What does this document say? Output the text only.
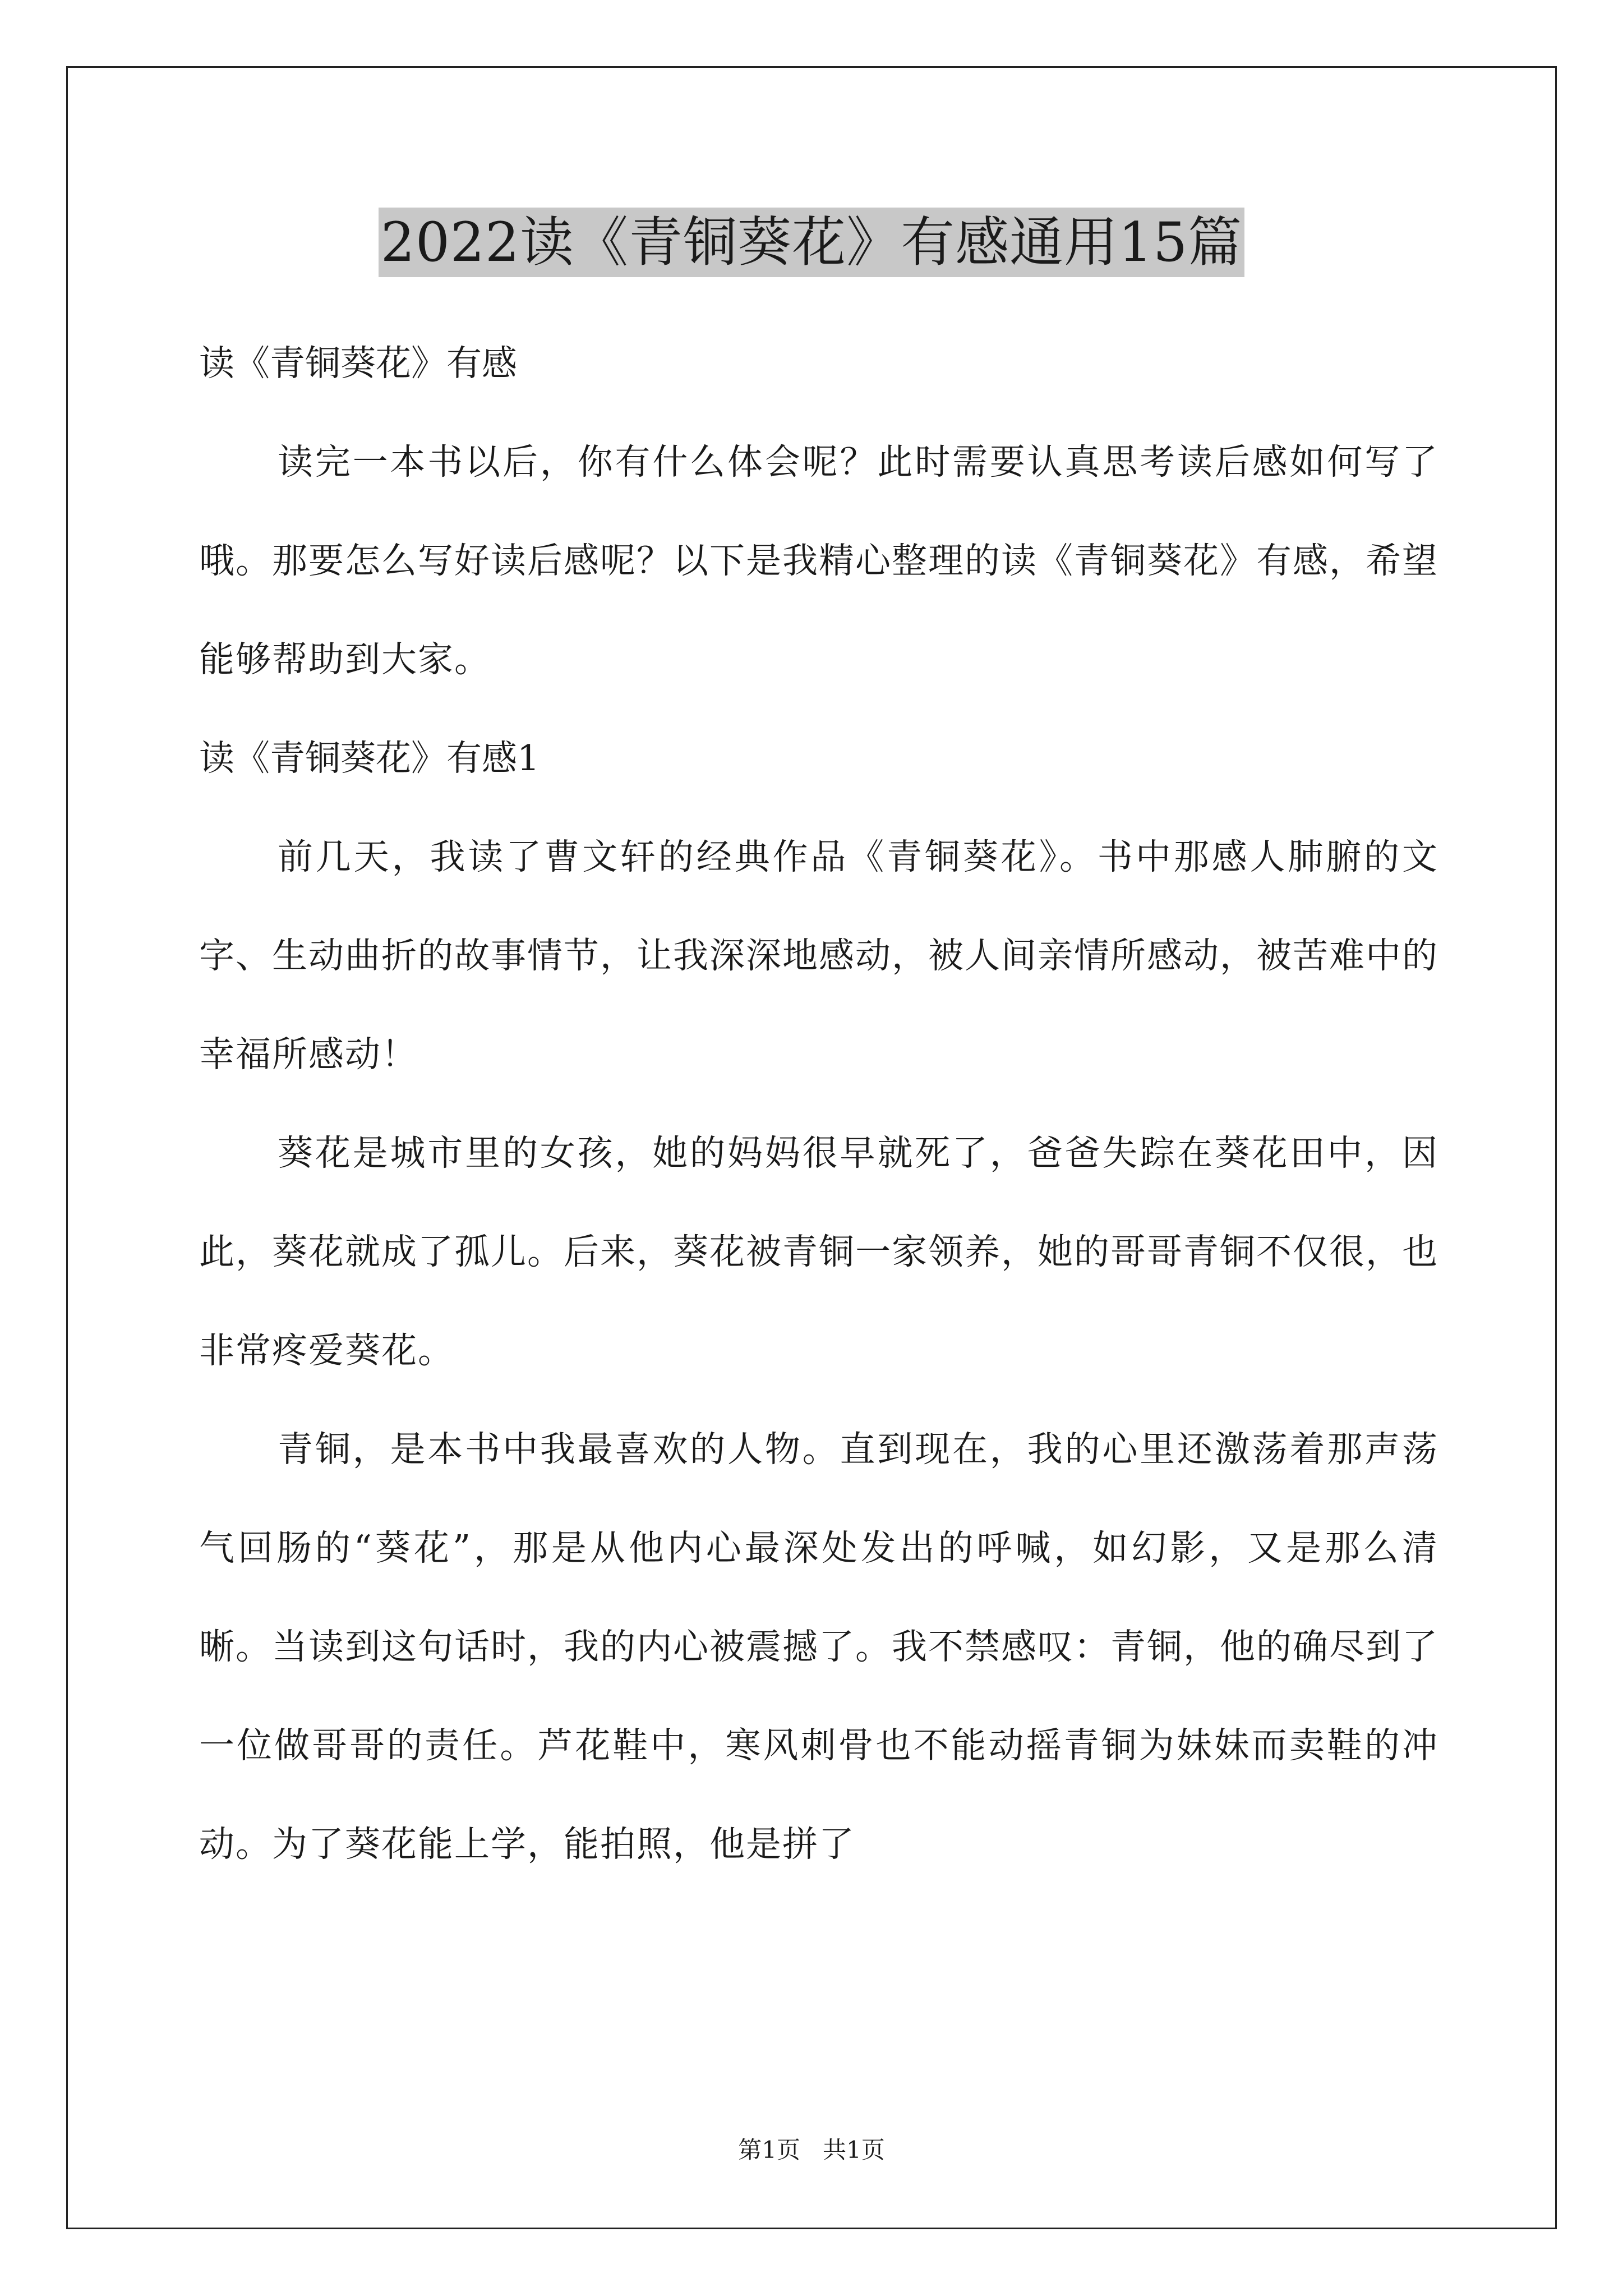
2022读《青铜葵花》有感通用15篇

读《青铜葵花》有感

读完一本书以后，你有什么体会呢？此时需要认真思考读后感如何写了哦。那要怎么写好读后感呢？以下是我精心整理的读《青铜葵花》有感，希望能够帮助到大家。

读《青铜葵花》有感1

前几天，我读了曹文轩的经典作品《青铜葵花》。书中那感人肺腑的文字、生动曲折的故事情节，让我深深地感动，被人间亲情所感动，被苦难中的幸福所感动！

葵花是城市里的女孩，她的妈妈很早就死了，爸爸失踪在葵花田中，因此，葵花就成了孤儿。后来，葵花被青铜一家领养，她的哥哥青铜不仅很，也非常疼爱葵花。

青铜，是本书中我最喜欢的人物。直到现在，我的心里还激荡着那声荡气回肠的“葵花”，那是从他内心最深处发出的呼喊，如幻影，又是那么清晰。当读到这句话时，我的内心被震撼了。我不禁感叹：青铜，他的确尽到了一位做哥哥的责任。芦花鞋中，寒风刺骨也不能动摇青铜为妹妹而卖鞋的冲动。为了葵花能上学，能拍照，他是拼了

第1页   共1页
